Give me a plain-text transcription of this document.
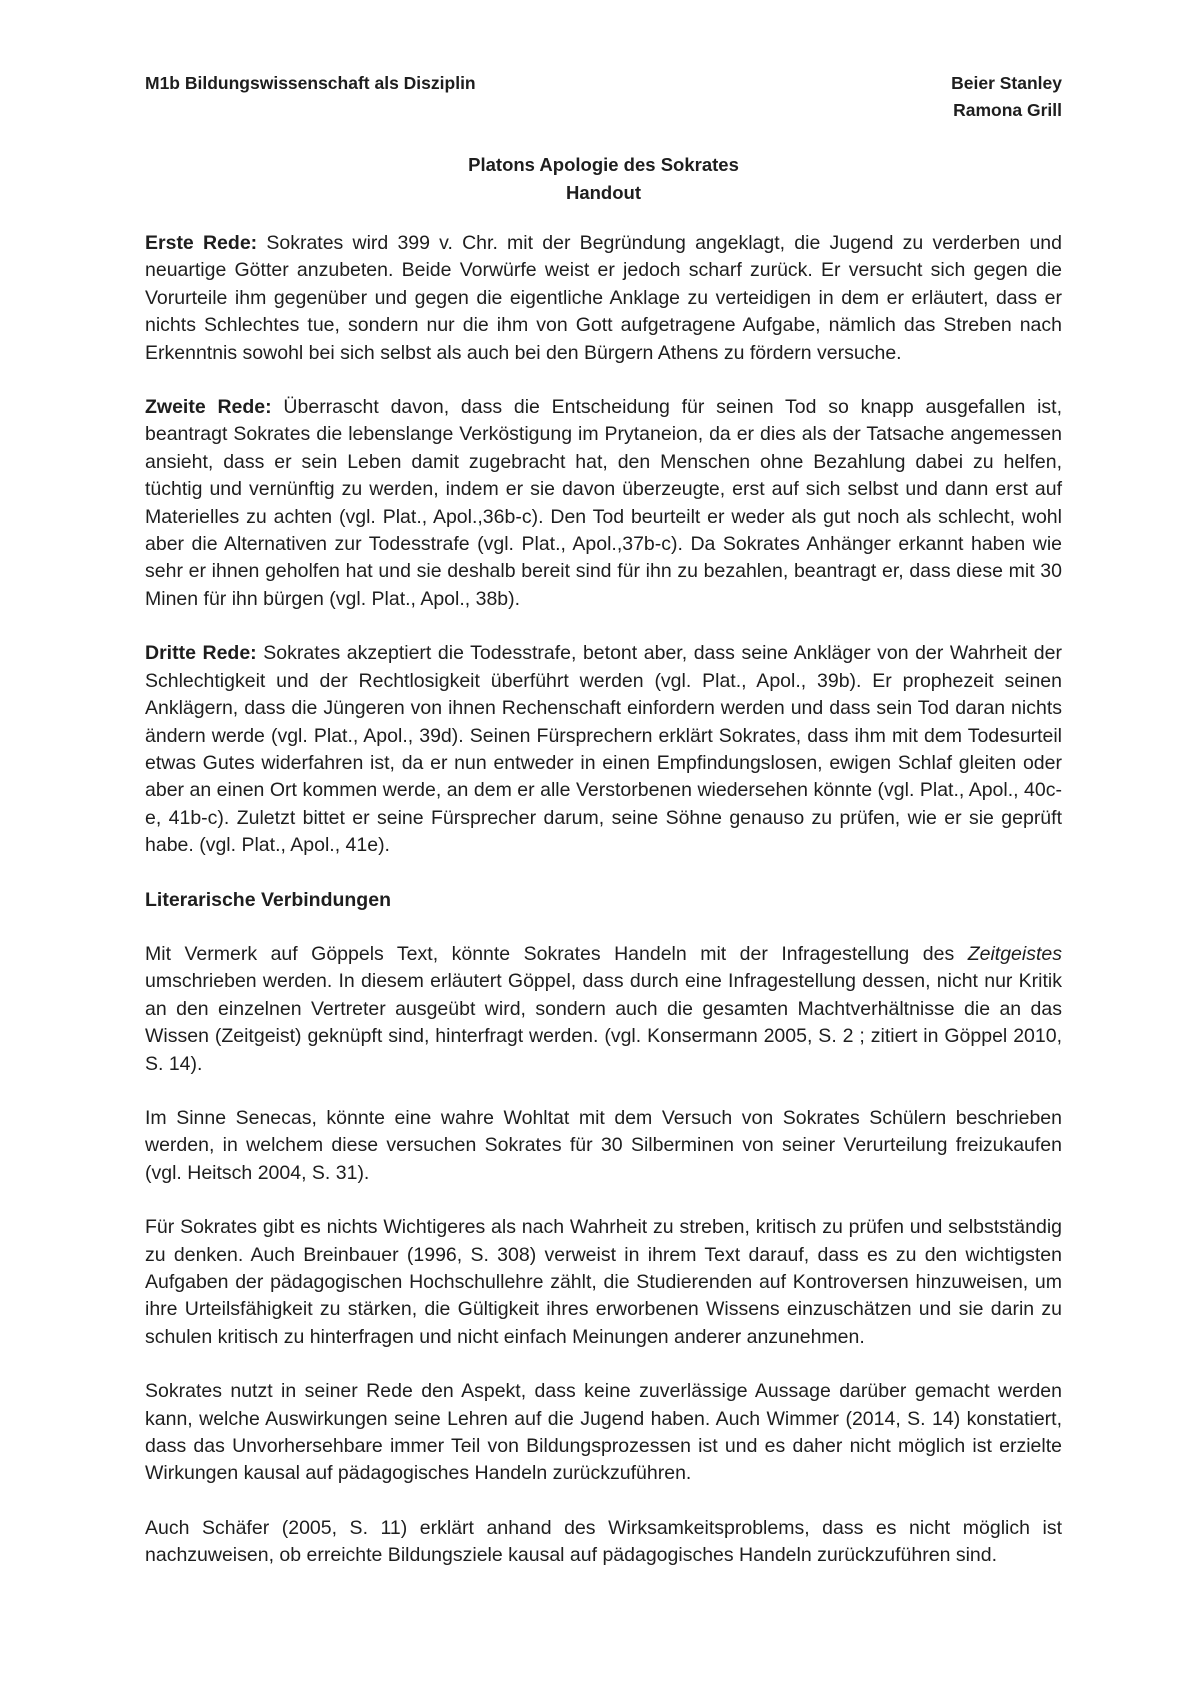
M1b Bildungswissenschaft als Disziplin	Beier Stanley
Ramona Grill
Platons Apologie des Sokrates
Handout

Erste Rede: Sokrates wird 399 v. Chr. mit der Begründung angeklagt, die Jugend zu verderben und neuartige Götter anzubeten. Beide Vorwürfe weist er jedoch scharf zurück. Er versucht sich gegen die Vorurteile ihm gegenüber und gegen die eigentliche Anklage zu verteidigen in dem er erläutert, dass er nichts Schlechtes tue, sondern nur die ihm von Gott aufgetragene Aufgabe, nämlich das Streben nach Erkenntnis sowohl bei sich selbst als auch bei den Bürgern Athens zu fördern versuche.

Zweite Rede: Überrascht davon, dass die Entscheidung für seinen Tod so knapp ausgefallen ist, beantragt Sokrates die lebenslange Verköstigung im Prytaneion, da er dies als der Tatsache angemessen ansieht, dass er sein Leben damit zugebracht hat, den Menschen ohne Bezahlung dabei zu helfen, tüchtig und vernünftig zu werden, indem er sie davon überzeugte, erst auf sich selbst und dann erst auf Materielles zu achten (vgl. Plat., Apol.,36b-c). Den Tod beurteilt er weder als gut noch als schlecht, wohl aber die Alternativen zur Todesstrafe (vgl. Plat., Apol.,37b-c). Da Sokrates Anhänger erkannt haben wie sehr er ihnen geholfen hat und sie deshalb bereit sind für ihn zu bezahlen, beantragt er, dass diese mit 30 Minen für ihn bürgen (vgl. Plat., Apol., 38b).

Dritte Rede: Sokrates akzeptiert die Todesstrafe, betont aber, dass seine Ankläger von der Wahrheit der Schlechtigkeit und der Rechtlosigkeit überführt werden (vgl. Plat., Apol., 39b). Er prophezeit seinen Anklägern, dass die Jüngeren von ihnen Rechenschaft einfordern werden und dass sein Tod daran nichts ändern werde (vgl. Plat., Apol., 39d). Seinen Fürsprechern erklärt Sokrates, dass ihm mit dem Todesurteil etwas Gutes widerfahren ist, da er nun entweder in einen Empfindungslosen, ewigen Schlaf gleiten oder aber an einen Ort kommen werde, an dem er alle Verstorbenen wiedersehen könnte (vgl. Plat., Apol., 40c-e, 41b-c). Zuletzt bittet er seine Fürsprecher darum, seine Söhne genauso zu prüfen, wie er sie geprüft habe. (vgl. Plat., Apol., 41e).

Literarische Verbindungen

Mit Vermerk auf Göppels Text, könnte Sokrates Handeln mit der Infragestellung des Zeitgeistes umschrieben werden. In diesem erläutert Göppel, dass durch eine Infragestellung dessen, nicht nur Kritik an den einzelnen Vertreter ausgeübt wird, sondern auch die gesamten Machtverhältnisse die an das Wissen (Zeitgeist) geknüpft sind, hinterfragt werden. (vgl. Konsermann 2005, S. 2 ; zitiert in Göppel 2010, S. 14).

Im Sinne Senecas, könnte eine wahre Wohltat mit dem Versuch von Sokrates Schülern beschrieben werden, in welchem diese versuchen Sokrates für 30 Silberminen von seiner Verurteilung freizukaufen (vgl. Heitsch 2004, S. 31).

Für Sokrates gibt es nichts Wichtigeres als nach Wahrheit zu streben, kritisch zu prüfen und selbstständig zu denken. Auch Breinbauer (1996, S. 308) verweist in ihrem Text darauf, dass es zu den wichtigsten Aufgaben der pädagogischen Hochschullehre zählt, die Studierenden auf Kontroversen hinzuweisen, um ihre Urteilsfähigkeit zu stärken, die Gültigkeit ihres erworbenen Wissens einzuschätzen und sie darin zu schulen kritisch zu hinterfragen und nicht einfach Meinungen anderer anzunehmen.

Sokrates nutzt in seiner Rede den Aspekt, dass keine zuverlässige Aussage darüber gemacht werden kann, welche Auswirkungen seine Lehren auf die Jugend haben. Auch Wimmer (2014, S. 14) konstatiert, dass das Unvorhersehbare immer Teil von Bildungsprozessen ist und es daher nicht möglich ist erzielte Wirkungen kausal auf pädagogisches Handeln zurückzuführen.

Auch Schäfer (2005, S. 11) erklärt anhand des Wirksamkeitsproblems, dass es nicht möglich ist nachzuweisen, ob erreichte Bildungsziele kausal auf pädagogisches Handeln zurückzuführen sind.
